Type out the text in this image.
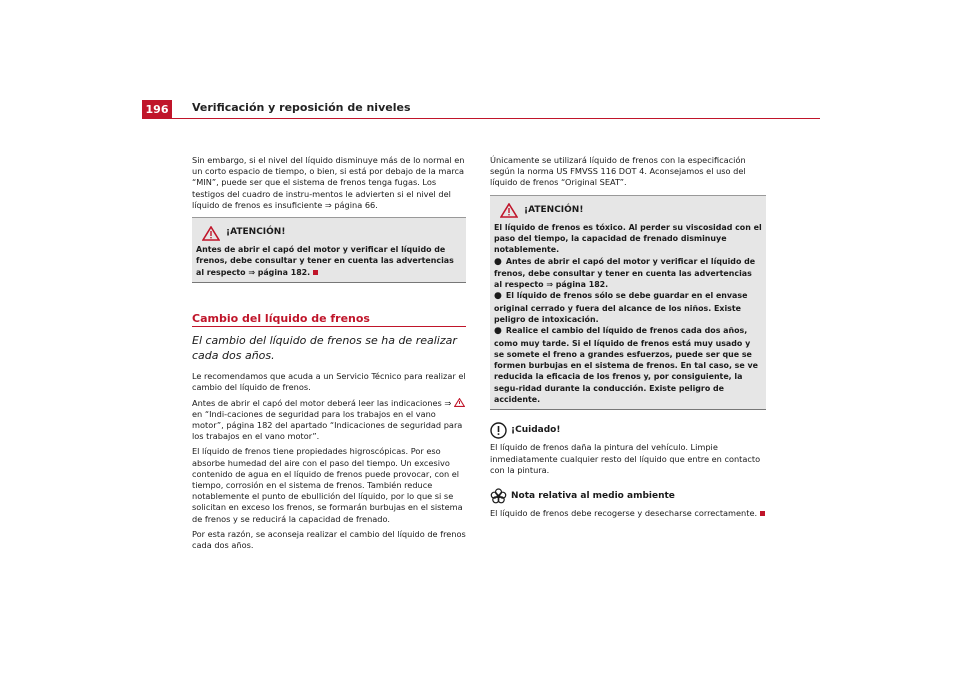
196	Verificación y reposición de niveles

Sin embargo, si el nivel del líquido disminuye más de lo normal en un corto espacio de tiempo, o bien, si está por debajo de la marca “MIN”, puede ser que el sistema de frenos tenga fugas. Los testigos del cuadro de instru-mentos le advierten si el nivel del líquido de frenos es insuficiente ⇒ página 66.

¡ATENCIÓN!
Antes de abrir el capó del motor y verificar el líquido de frenos, debe consultar y tener en cuenta las advertencias al respecto ⇒ página 182.
Cambio del líquido de frenos
El cambio del líquido de frenos se ha de realizar cada dos años.

Le recomendamos que acuda a un Servicio Técnico para realizar el cambio del líquido de frenos.

Antes de abrir el capó del motor deberá leer las indicaciones ⇒  en “Indi-caciones de seguridad para los trabajos en el vano motor”, página 182 del apartado “Indicaciones de seguridad para los trabajos en el vano motor”.

El líquido de frenos tiene propiedades higroscópicas. Por eso absorbe humedad del aire con el paso del tiempo. Un excesivo contenido de agua en el líquido de frenos puede provocar, con el tiempo, corrosión en el sistema de frenos. También reduce notablemente el punto de ebullición del líquido, por lo que si se solicitan en exceso los frenos, se formarán burbujas en el sistema de frenos y se reducirá la capacidad de frenado.

Por esta razón, se aconseja realizar el cambio del líquido de frenos cada dos años.

Únicamente se utilizará líquido de frenos con la especificación según la norma US FMVSS 116 DOT 4. Aconsejamos el uso del líquido de frenos “Original SEAT”.

¡ATENCIÓN!
El líquido de frenos es tóxico. Al perder su viscosidad con el paso del tiempo, la capacidad de frenado disminuye notablemente.
● Antes de abrir el capó del motor y verificar el líquido de frenos, debe consultar y tener en cuenta las advertencias al respecto ⇒ página 182.
● El líquido de frenos sólo se debe guardar en el envase original cerrado y fuera del alcance de los niños. Existe peligro de intoxicación.
● Realice el cambio del líquido de frenos cada dos años, como muy tarde. Si el líquido de frenos está muy usado y se somete el freno a grandes esfuerzos, puede ser que se formen burbujas en el sistema de frenos. En tal caso, se ve reducida la eficacia de los frenos y, por consiguiente, la segu-ridad durante la conducción. Existe peligro de accidente.
¡Cuidado!

El líquido de frenos daña la pintura del vehículo. Limpie inmediatamente cualquier resto del líquido que entre en contacto con la pintura.

Nota relativa al medio ambiente

El líquido de frenos debe recogerse y desecharse correctamente.
